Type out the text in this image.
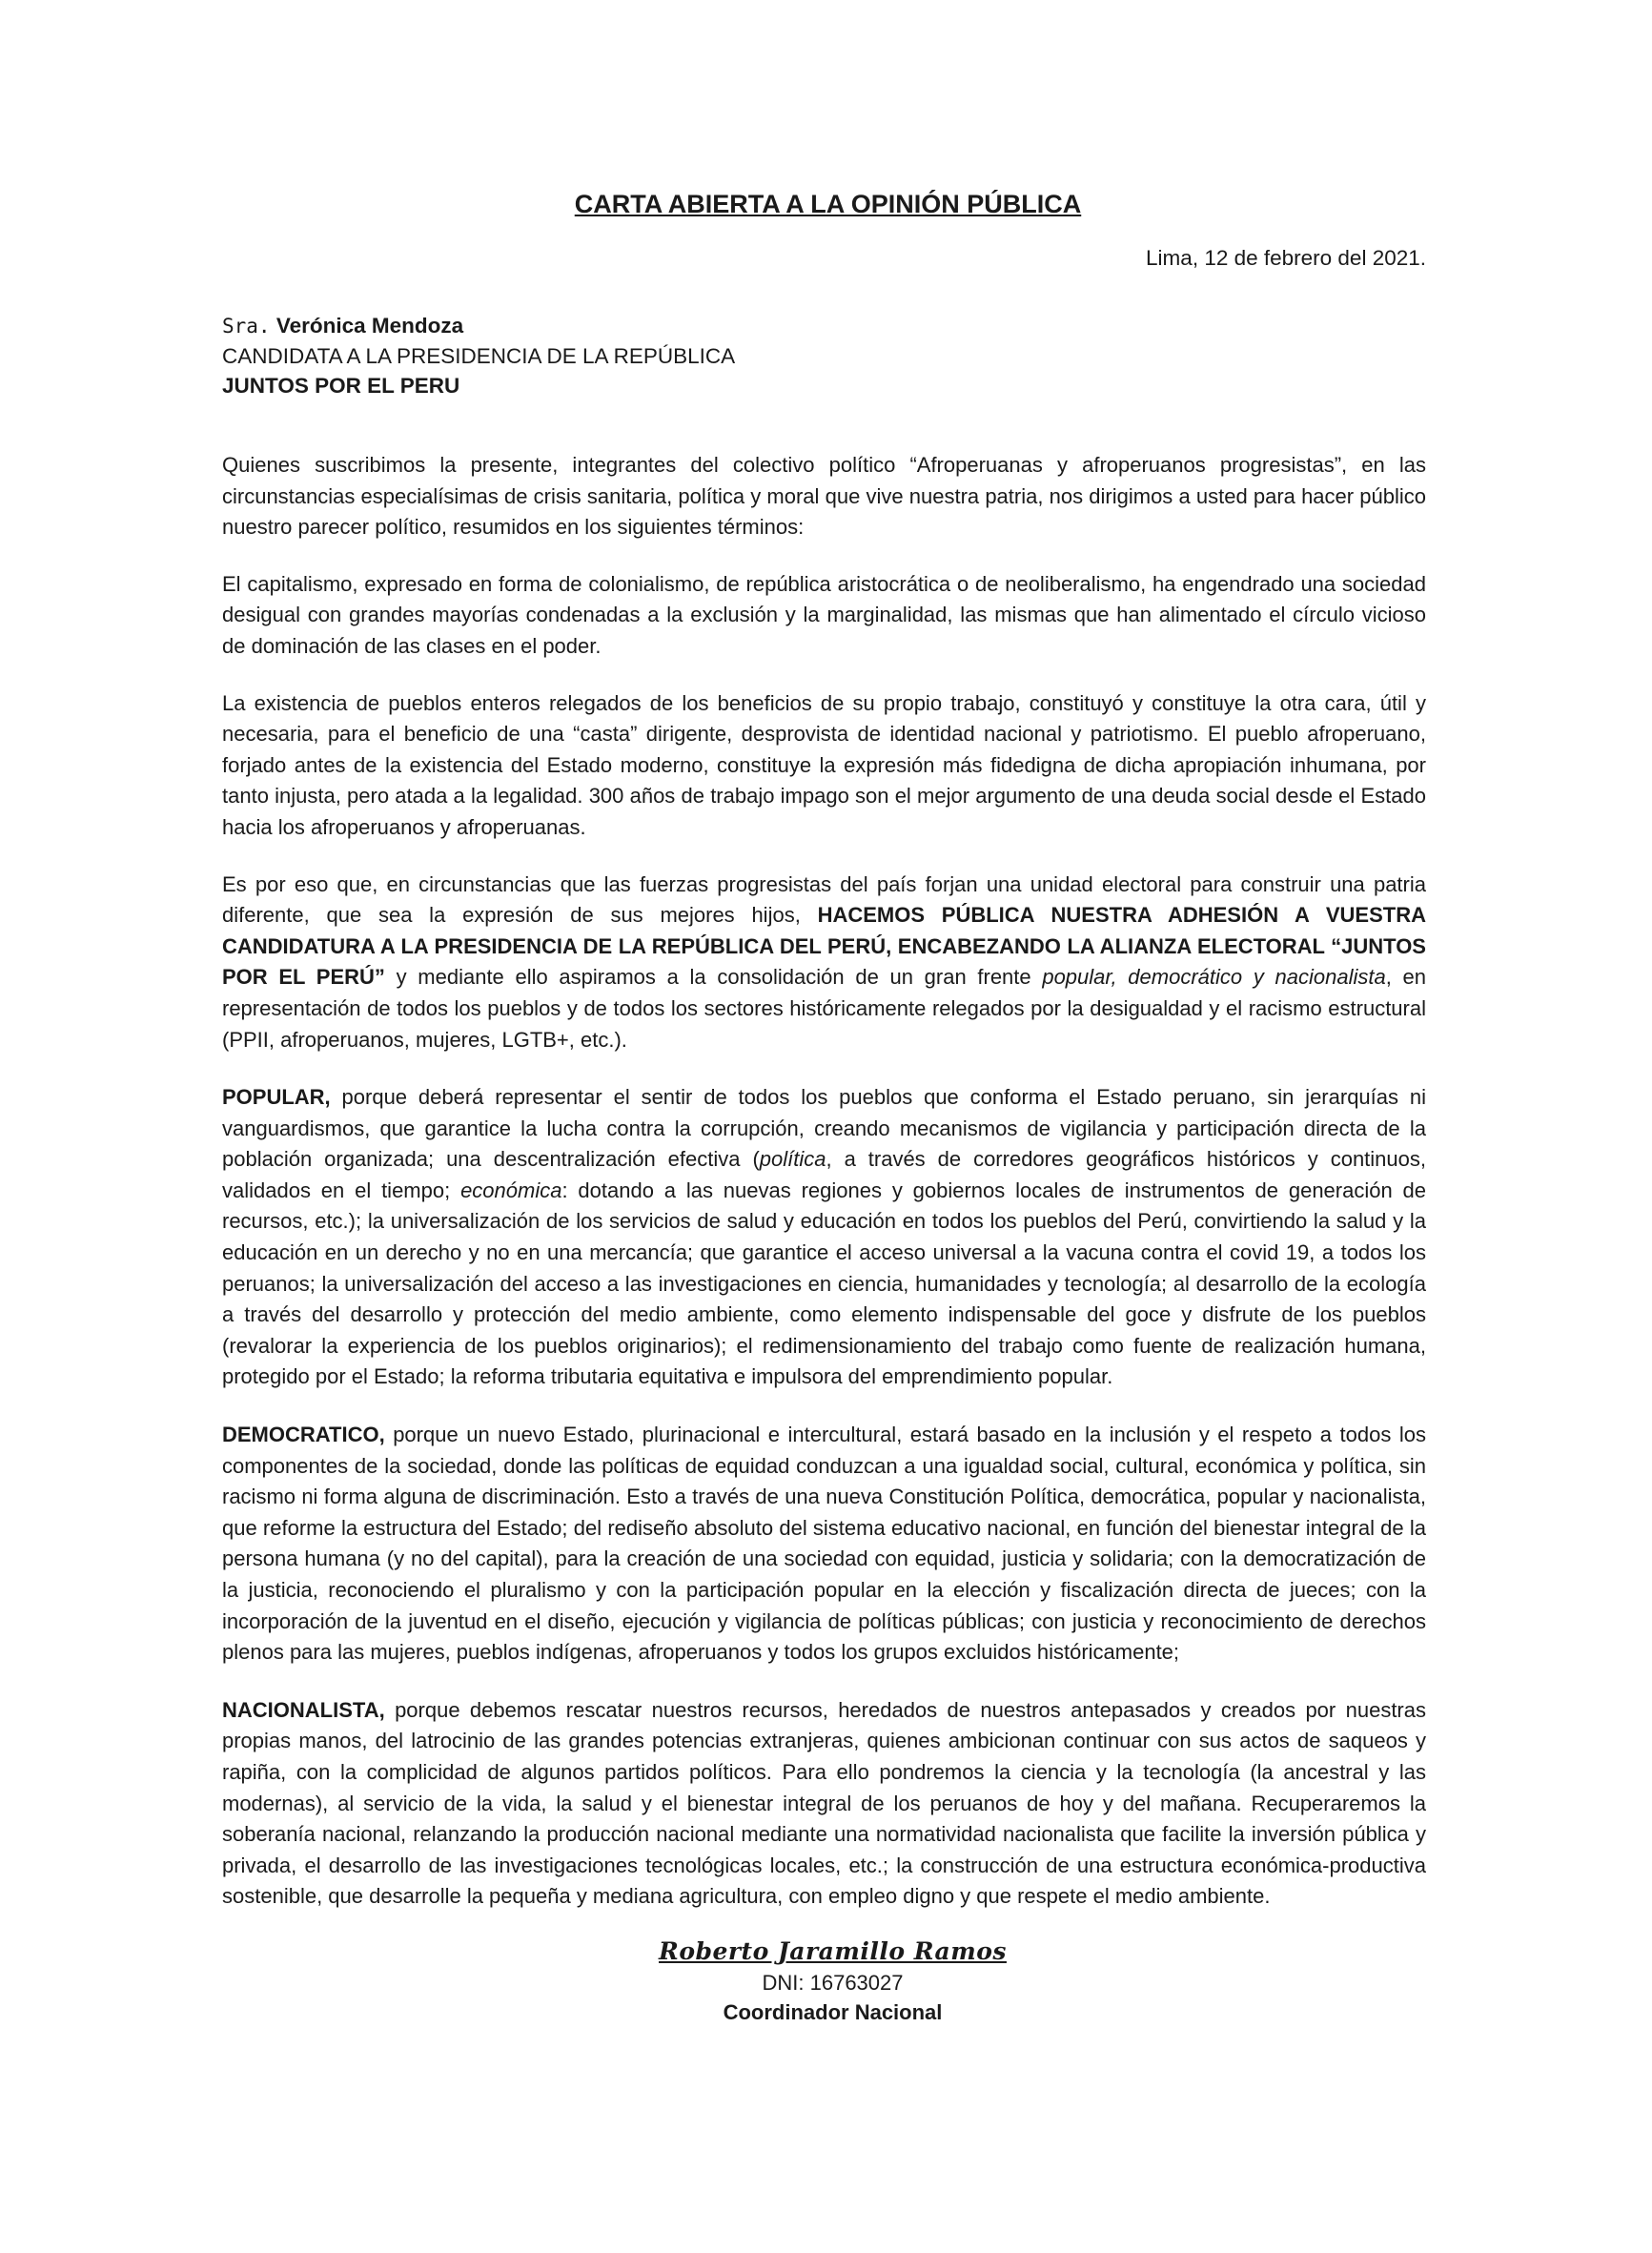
CARTA ABIERTA A LA OPINIÓN PÚBLICA
Lima, 12 de febrero del 2021.
Sra. Verónica Mendoza
CANDIDATA A LA PRESIDENCIA DE LA REPÚBLICA
JUNTOS POR EL PERU

Quienes suscribimos la presente, integrantes del colectivo político “Afroperuanas y afroperuanos progresistas”, en las circunstancias especialísimas de crisis sanitaria, política y moral que vive nuestra patria, nos dirigimos a usted para hacer público nuestro parecer político, resumidos en los siguientes términos:

El capitalismo, expresado en forma de colonialismo, de república aristocrática o de neoliberalismo, ha engendrado una sociedad desigual con grandes mayorías condenadas a la exclusión y la marginalidad, las mismas que han alimentado el círculo vicioso de dominación de las clases en el poder.

La existencia de pueblos enteros relegados de los beneficios de su propio trabajo, constituyó y constituye la otra cara, útil y necesaria, para el beneficio de una “casta” dirigente, desprovista de identidad nacional y patriotismo. El pueblo afroperuano, forjado antes de la existencia del Estado moderno, constituye la expresión más fidedigna de dicha apropiación inhumana, por tanto injusta, pero atada a la legalidad. 300 años de trabajo impago son el mejor argumento de una deuda social desde el Estado hacia los afroperuanos y afroperuanas.

Es por eso que, en circunstancias que las fuerzas progresistas del país forjan una unidad electoral para construir una patria diferente, que sea la expresión de sus mejores hijos, HACEMOS PÚBLICA NUESTRA ADHESIÓN A VUESTRA CANDIDATURA A LA PRESIDENCIA DE LA REPÚBLICA DEL PERÚ, ENCABEZANDO LA ALIANZA ELECTORAL “JUNTOS POR EL PERÚ” y mediante ello aspiramos a la consolidación de un gran frente popular, democrático y nacionalista, en representación de todos los pueblos y de todos los sectores históricamente relegados por la desigualdad y el racismo estructural (PPII, afroperuanos, mujeres, LGTB+, etc.).

POPULAR, porque deberá representar el sentir de todos los pueblos que conforma el Estado peruano, sin jerarquías ni vanguardismos, que garantice la lucha contra la corrupción, creando mecanismos de vigilancia y participación directa de la población organizada; una descentralización efectiva (política, a través de corredores geográficos históricos y continuos, validados en el tiempo; económica: dotando a las nuevas regiones y gobiernos locales de instrumentos de generación de recursos, etc.); la universalización de los servicios de salud y educación en todos los pueblos del Perú, convirtiendo la salud y la educación en un derecho y no en una mercancía; que garantice el acceso universal a la vacuna contra el covid 19, a todos los peruanos; la universalización del acceso a las investigaciones en ciencia, humanidades y tecnología; al desarrollo de la ecología a través del desarrollo y protección del medio ambiente, como elemento indispensable del goce y disfrute de los pueblos (revalorar la experiencia de los pueblos originarios); el redimensionamiento del trabajo como fuente de realización humana, protegido por el Estado; la reforma tributaria equitativa e impulsora del emprendimiento popular.

DEMOCRATICO, porque un nuevo Estado, plurinacional e intercultural, estará basado en la inclusión y el respeto a todos los componentes de la sociedad, donde las políticas de equidad conduzcan a una igualdad social, cultural, económica y política, sin racismo ni forma alguna de discriminación. Esto a través de una nueva Constitución Política, democrática, popular y nacionalista, que reforme la estructura del Estado; del rediseño absoluto del sistema educativo nacional, en función del bienestar integral de la persona humana (y no del capital), para la creación de una sociedad con equidad, justicia y solidaria; con la democratización de la justicia, reconociendo el pluralismo y con la participación popular en la elección y fiscalización directa de jueces; con la incorporación de la juventud en el diseño, ejecución y vigilancia de políticas públicas; con justicia y reconocimiento de derechos plenos para las mujeres, pueblos indígenas, afroperuanos y todos los grupos excluidos históricamente;

NACIONALISTA, porque debemos rescatar nuestros recursos, heredados de nuestros antepasados y creados por nuestras propias manos, del latrocinio de las grandes potencias extranjeras, quienes ambicionan continuar con sus actos de saqueos y rapiña, con la complicidad de algunos partidos políticos. Para ello pondremos la ciencia y la tecnología (la ancestral y las modernas), al servicio de la vida, la salud y el bienestar integral de los peruanos de hoy y del mañana. Recuperaremos la soberanía nacional, relanzando la producción nacional mediante una normatividad nacionalista que facilite la inversión pública y privada, el desarrollo de las investigaciones tecnológicas locales, etc.; la construcción de una estructura económica-productiva sostenible, que desarrolle la pequeña y mediana agricultura, con empleo digno y que respete el medio ambiente.

Roberto Jaramillo Ramos
DNI: 16763027
Coordinador Nacional
